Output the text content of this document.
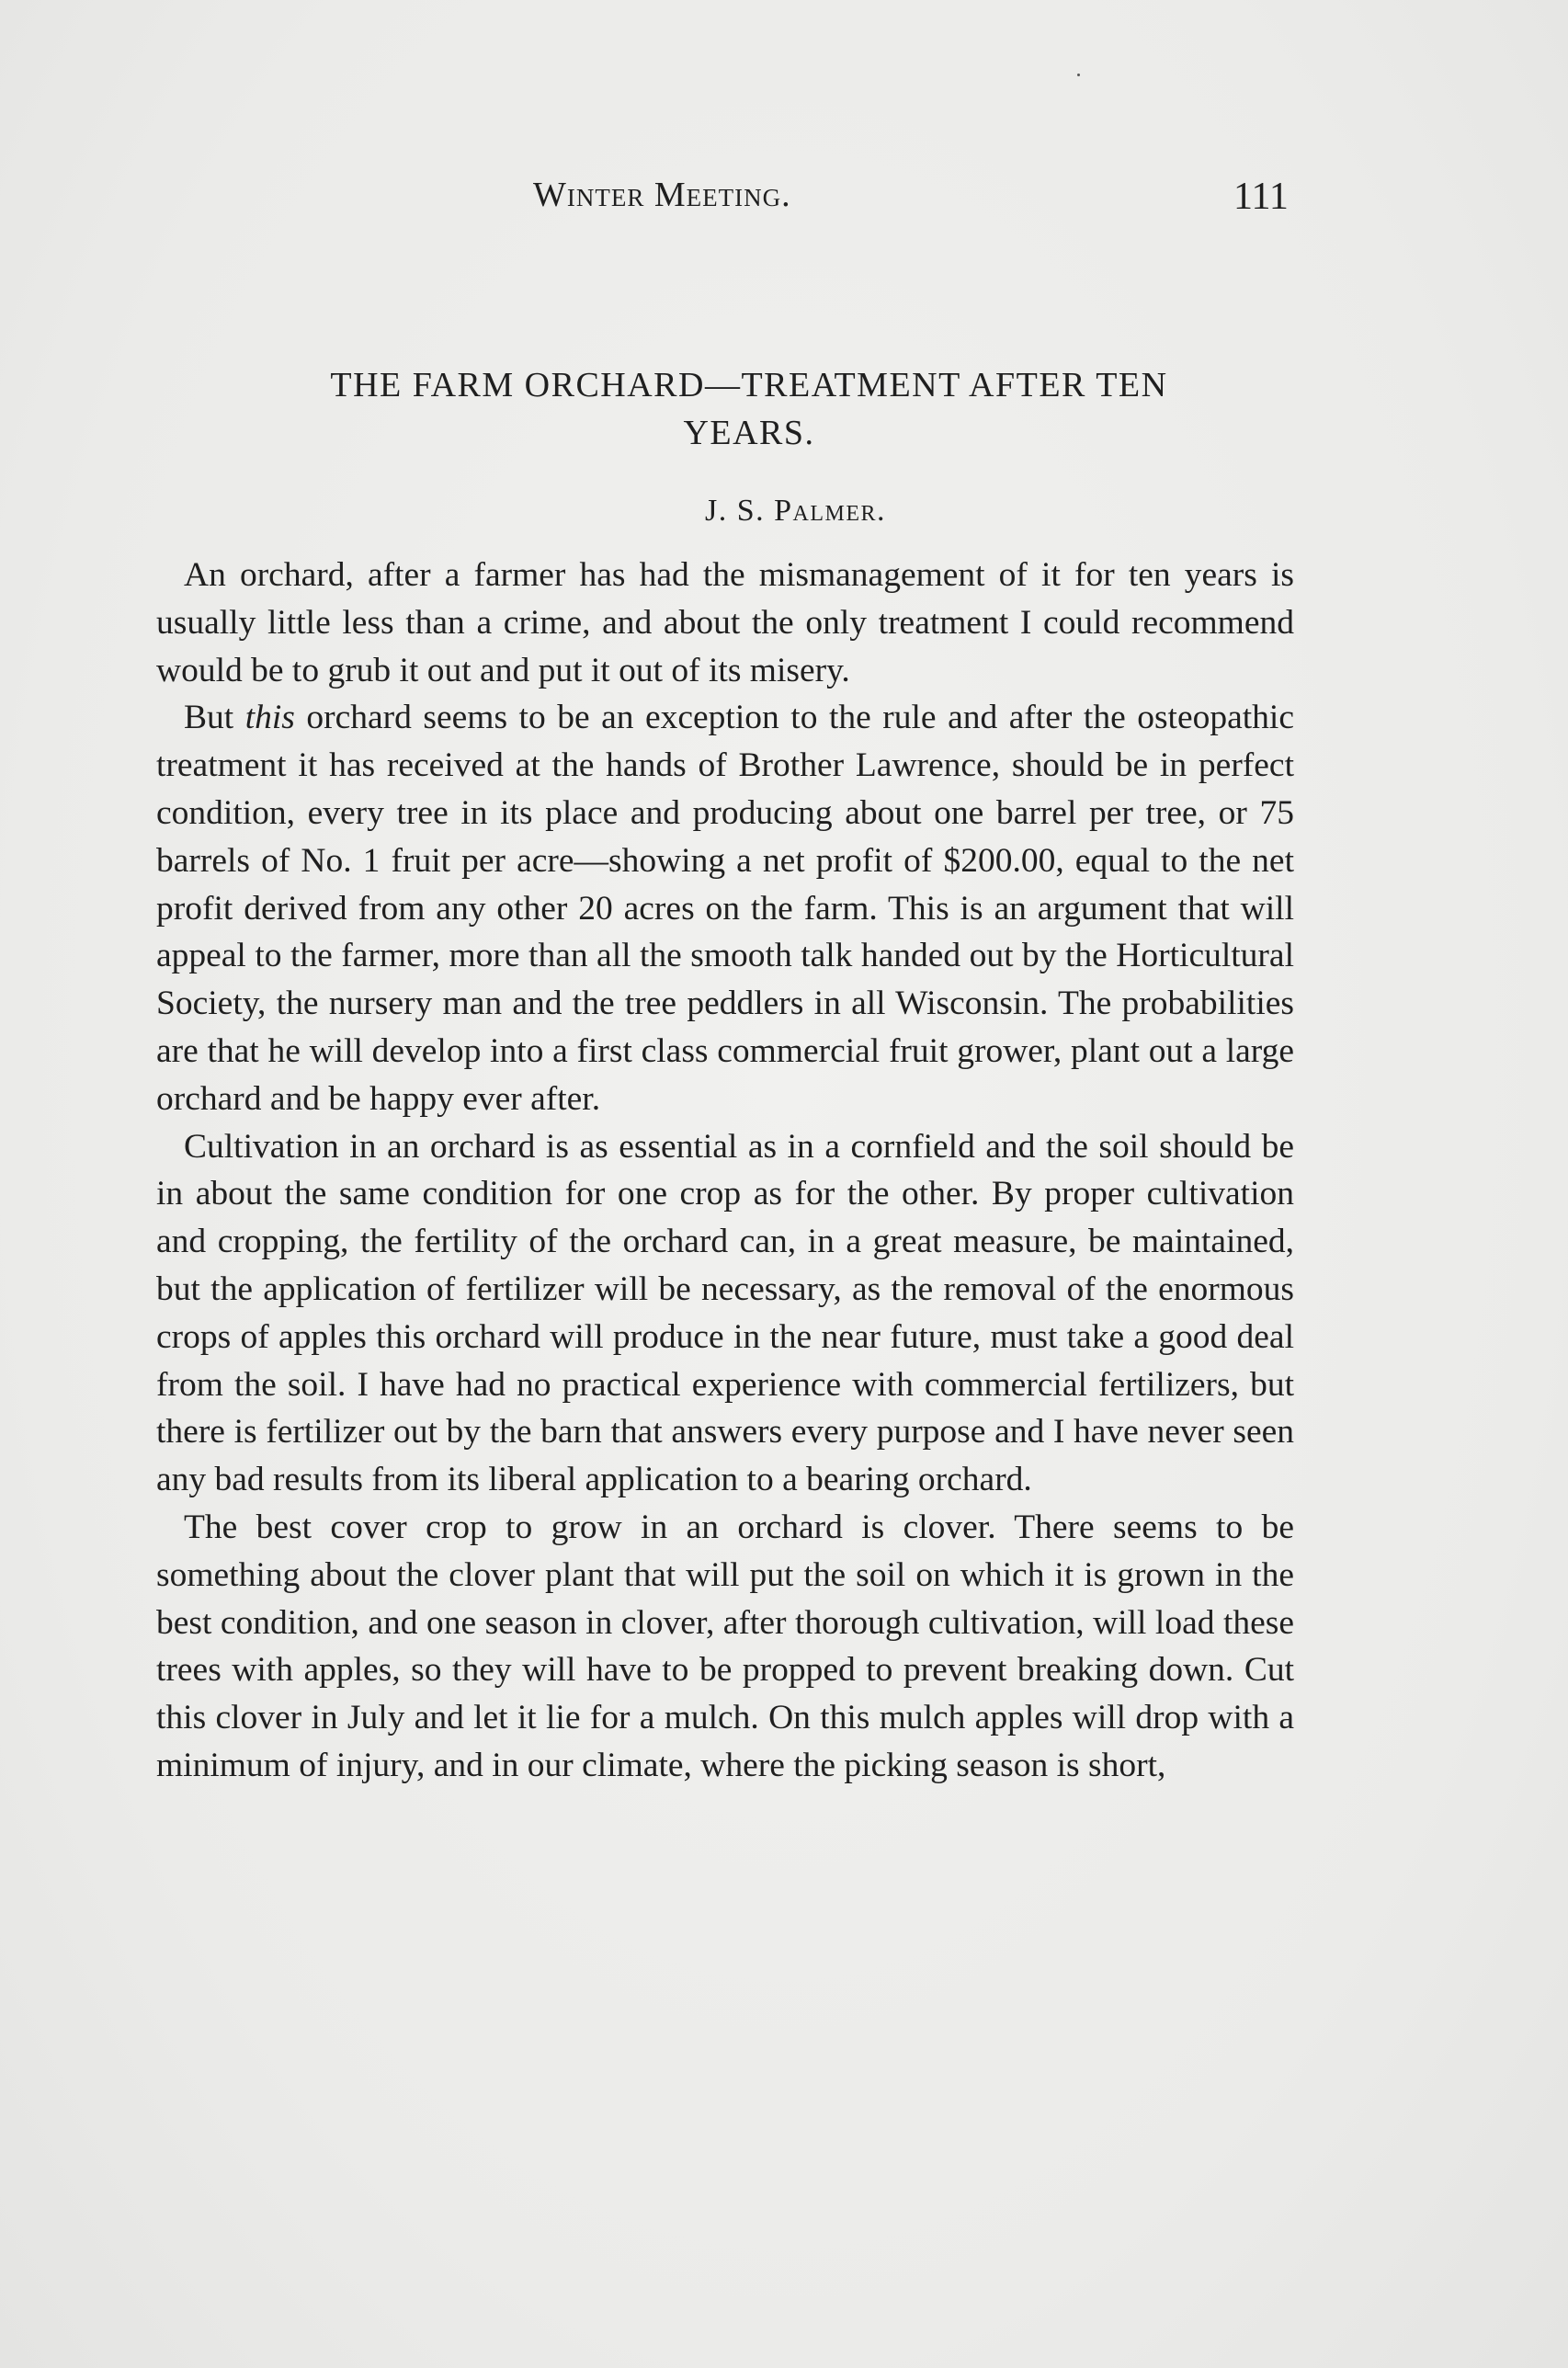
Winter Meeting.	111
THE FARM ORCHARD—TREATMENT AFTER TEN
YEARS.
J. S. Palmer.

An orchard, after a farmer has had the mismanagement of it for ten years is usually little less than a crime, and about the only treatment I could recommend would be to grub it out and put it out of its misery.

But this orchard seems to be an exception to the rule and after the osteopathic treatment it has received at the hands of Brother Lawrence, should be in perfect condition, every tree in its place and producing about one barrel per tree, or 75 barrels of No. 1 fruit per acre—showing a net profit of $200.00, equal to the net profit derived from any other 20 acres on the farm. This is an argument that will appeal to the farmer, more than all the smooth talk handed out by the Horticultural Society, the nursery man and the tree peddlers in all Wisconsin. The probabilities are that he will develop into a first class commercial fruit grower, plant out a large orchard and be happy ever after.

Cultivation in an orchard is as essential as in a cornfield and the soil should be in about the same condition for one crop as for the other. By proper cultivation and cropping, the fertility of the orchard can, in a great measure, be maintained, but the application of fertilizer will be necessary, as the removal of the enormous crops of apples this orchard will produce in the near future, must take a good deal from the soil. I have had no practical experience with commercial fertilizers, but there is fertilizer out by the barn that answers every purpose and I have never seen any bad results from its liberal application to a bearing orchard.

The best cover crop to grow in an orchard is clover. There seems to be something about the clover plant that will put the soil on which it is grown in the best condition, and one season in clover, after thorough cultivation, will load these trees with apples, so they will have to be propped to prevent breaking down. Cut this clover in July and let it lie for a mulch. On this mulch apples will drop with a minimum of injury, and in our climate, where the picking season is short,
